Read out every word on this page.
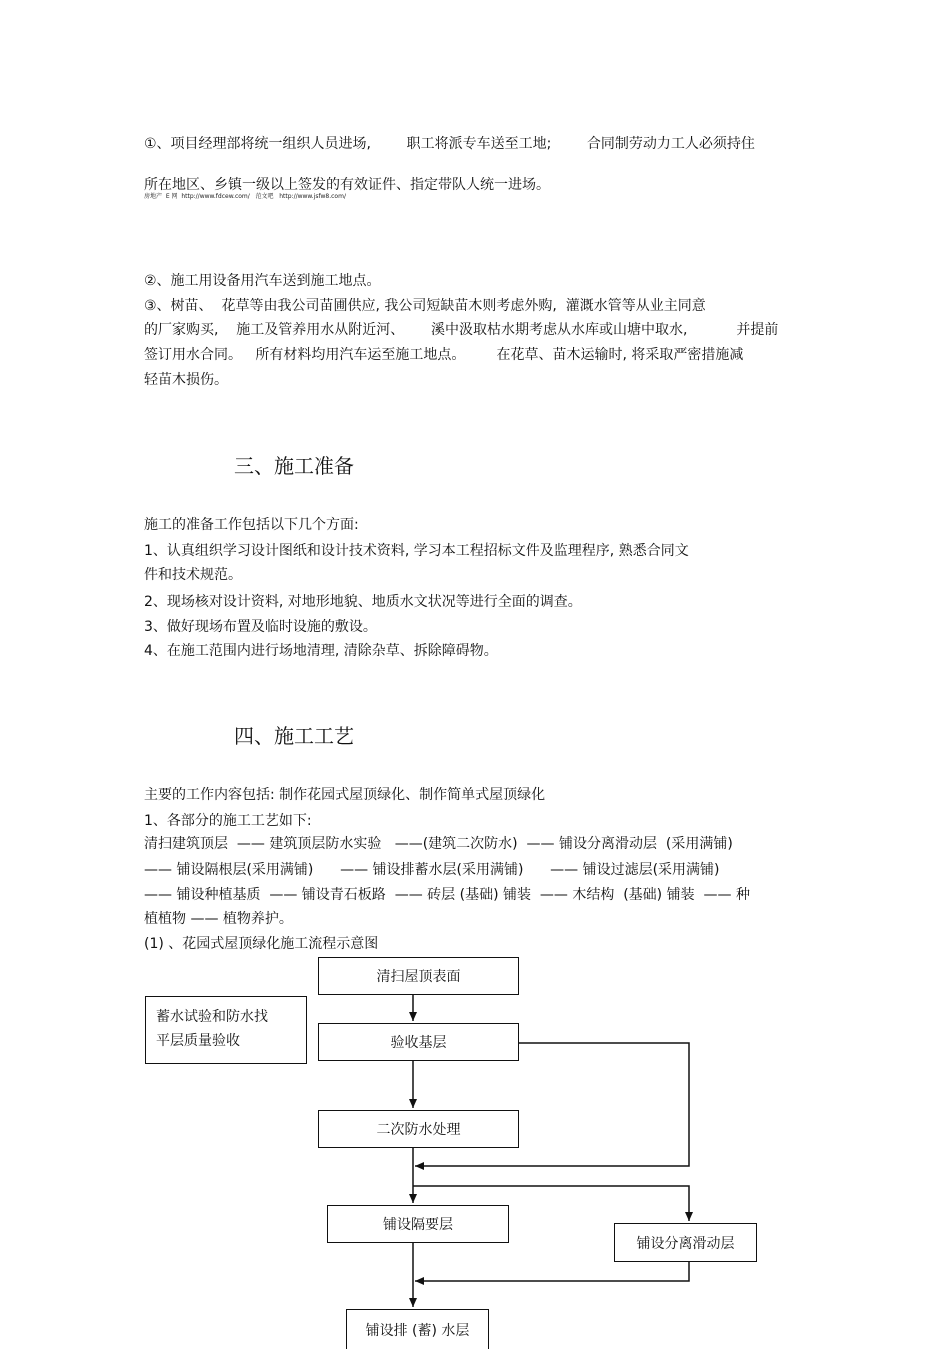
①、项目经理部将统一组织人员进场,        职工将派专车送至工地;        合同制劳动力工人必须持住
所在地区、乡镇一级以上签发的有效证件、指定带队人统一进场。
房地产  E 网  http://www.fdcew.com/   范文吧   http://www.jsfw8.com/
②、施工用设备用汽车送到施工地点。
③、树苗、  花草等由我公司苗圃供应, 我公司短缺苗木则考虑外购,  灌溉水管等从业主同意
的厂家购买,    施工及管养用水从附近河、      溪中汲取枯水期考虑从水库或山塘中取水,           并提前
签订用水合同。   所有材料均用汽车运至施工地点。       在花草、苗木运输时, 将采取严密措施减
轻苗木损伤。
三、施工准备
施工的准备工作包括以下几个方面:
1、认真组织学习设计图纸和设计技术资料, 学习本工程招标文件及监理程序, 熟悉合同文
件和技术规范。
2、现场核对设计资料, 对地形地貌、地质水文状况等进行全面的调查。
3、做好现场布置及临时设施的敷设。
4、在施工范围内进行场地清理, 清除杂草、拆除障碍物。
四、施工工艺
主要的工作内容包括: 制作花园式屋顶绿化、制作简单式屋顶绿化
1、各部分的施工工艺如下:
清扫建筑顶层  —— 建筑顶层防水实验   ——(建筑二次防水)  —— 铺设分离滑动层  (采用满铺)
—— 铺设隔根层(采用满铺)      —— 铺设排蓄水层(采用满铺)      —— 铺设过滤层(采用满铺)
—— 铺设种植基质  —— 铺设青石板路  —— 砖层 (基础) 铺装  —— 木结构  (基础) 铺装  —— 种
植植物 —— 植物养护。
(1) 、花园式屋顶绿化施工流程示意图
清扫屋顶表面
验收基层
二次防水处理
铺设隔要层
铺设分离滑动层
铺设排 (蓄) 水层
蓄水试验和防水找
平层质量验收
